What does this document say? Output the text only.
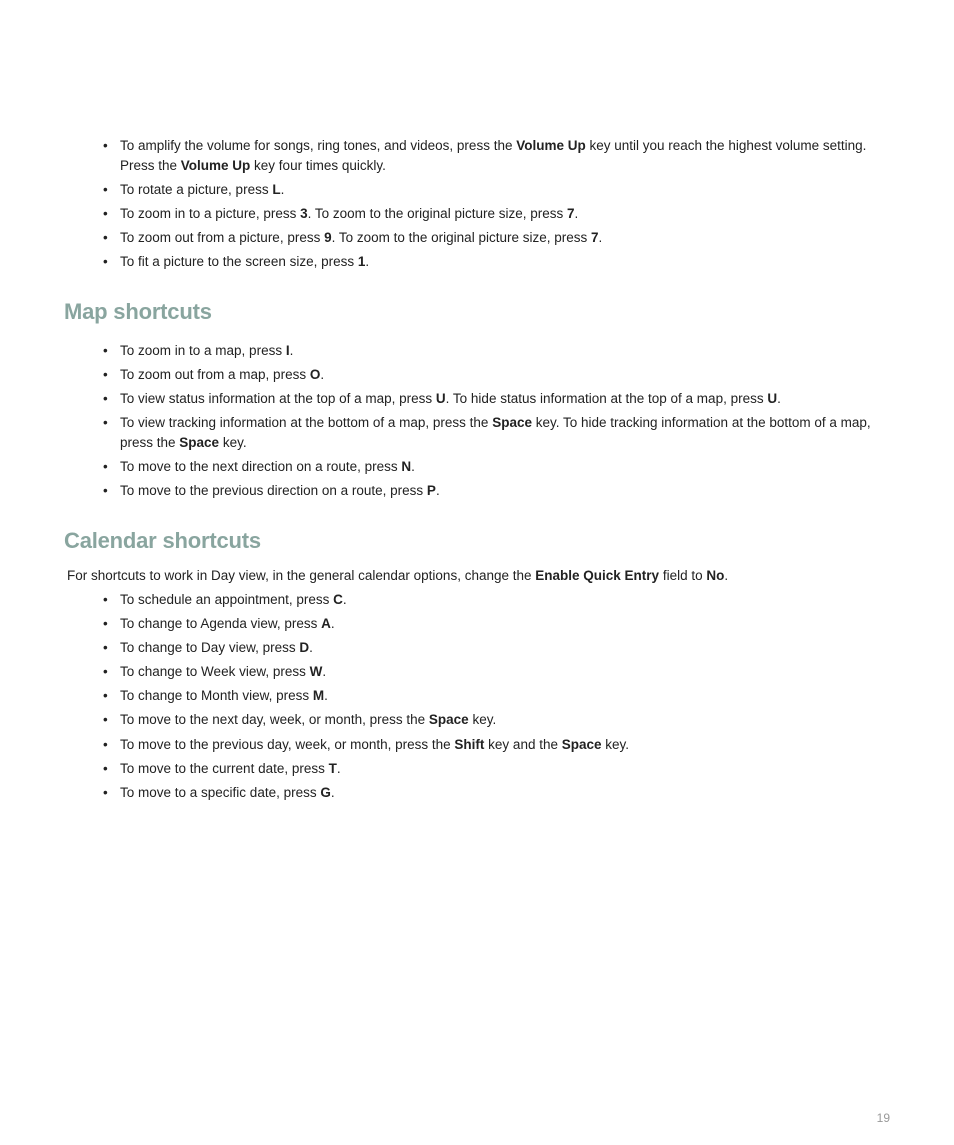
• To amplify the volume for songs, ring tones, and videos, press the Volume Up key until you reach the highest volume setting. Press the Volume Up key four times quickly.
• To rotate a picture, press L.
• To zoom in to a picture, press 3. To zoom to the original picture size, press 7.
• To zoom out from a picture, press 9. To zoom to the original picture size, press 7.
• To fit a picture to the screen size, press 1.
Map shortcuts
• To zoom in to a map, press I.
• To zoom out from a map, press O.
• To view status information at the top of a map, press U. To hide status information at the top of a map, press U.
• To view tracking information at the bottom of a map, press the Space key. To hide tracking information at the bottom of a map, press the Space key.
• To move to the next direction on a route, press N.
• To move to the previous direction on a route, press P.
Calendar shortcuts

For shortcuts to work in Day view, in the general calendar options, change the Enable Quick Entry field to No.

• To schedule an appointment, press C.
• To change to Agenda view, press A.
• To change to Day view, press D.
• To change to Week view, press W.
• To change to Month view, press M.
• To move to the next day, week, or month, press the Space key.
• To move to the previous day, week, or month, press the Shift key and the Space key.
• To move to the current date, press T.
• To move to a specific date, press G.
19
